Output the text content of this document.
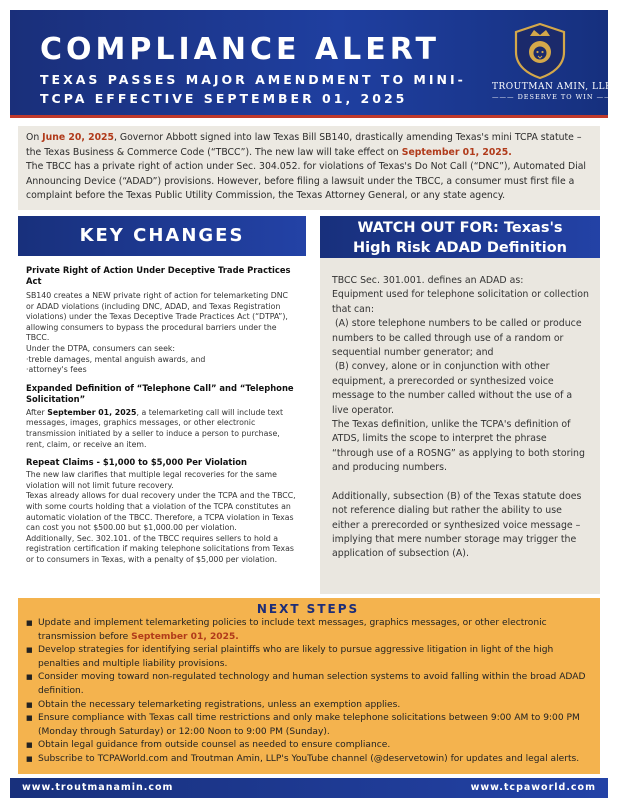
COMPLIANCE ALERT
TEXAS PASSES MAJOR AMENDMENT TO MINI-TCPA EFFECTIVE SEPTEMBER 01, 2025
TROUTMAN AMIN, LLP
——— DESERVE TO WIN ———

On June 20, 2025, Governor Abbott signed into law Texas Bill SB140, drastically amending Texas's mini TCPA statute – the Texas Business & Commerce Code (“TBCC”). The new law will take effect on September 01, 2025.

The TBCC has a private right of action under Sec. 304.052. for violations of Texas's Do Not Call (“DNC”), Automated Dial Announcing Device (“ADAD”) provisions. However, before filing a lawsuit under the TBCC, a consumer must first file a complaint before the Texas Public Utility Commission, the Texas Attorney General, or any state agency.

KEY CHANGES
Private Right of Action Under Deceptive Trade Practices Act

SB140 creates a NEW private right of action for telemarketing DNC or ADAD violations (including DNC, ADAD, and Texas Registration violations) under the Texas Deceptive Trade Practices Act (“DTPA”), allowing consumers to bypass the procedural barriers under the TBCC.

Under the DTPA, consumers can seek:

·treble damages, mental anguish awards, and

·attorney's fees

Expanded Definition of “Telephone Call” and “Telephone Solicitation”

After September 01, 2025, a telemarketing call will include text messages, images, graphics messages, or other electronic transmission initiated by a seller to induce a person to purchase, rent, claim, or receive an item.

Repeat Claims - $1,000 to $5,000 Per Violation

The new law clarifies that multiple legal recoveries for the same violation will not limit future recovery.

Texas already allows for dual recovery under the TCPA and the TBCC, with some courts holding that a violation of the TCPA constitutes an automatic violation of the TBCC. Therefore, a TCPA violation in Texas can cost you not $500.00 but $1,000.00 per violation.

Additionally, Sec. 302.101. of the TBCC requires sellers to hold a registration certification if making telephone solicitations from Texas or to consumers in Texas, with a penalty of $5,000 per violation.

WATCH OUT FOR: Texas's
High Risk ADAD Definition

TBCC Sec. 301.001. defines an ADAD as:

Equipment used for telephone solicitation or collection that can:

(A) store telephone numbers to be called or produce numbers to be called through use of a random or sequential number generator; and

(B) convey, alone or in conjunction with other equipment, a prerecorded or synthesized voice message to the number called without the use of a live operator.

The Texas definition, unlike the TCPA's definition of ATDS, limits the scope to interpret the phrase “through use of a ROSNG” as applying to both storing and producing numbers.

Additionally, subsection (B) of the Texas statute does not reference dialing but rather the ability to use either a prerecorded or synthesized voice message – implying that mere number storage may trigger the application of subsection (A).

NEXT STEPS
■ Update and implement telemarketing policies to include text messages, graphics messages, or other electronic transmission before September 01, 2025.
■ Develop strategies for identifying serial plaintiffs who are likely to pursue aggressive litigation in light of the high penalties and multiple liability provisions.
■ Consider moving toward non-regulated technology and human selection systems to avoid falling within the broad ADAD definition.
■ Obtain the necessary telemarketing registrations, unless an exemption applies.
■ Ensure compliance with Texas call time restrictions and only make telephone solicitations between 9:00 AM to 9:00 PM (Monday through Saturday) or 12:00 Noon to 9:00 PM (Sunday).
■ Obtain legal guidance from outside counsel as needed to ensure compliance.
■ Subscribe to TCPAWorld.com and Troutman Amin, LLP's YouTube channel (@deservetowin) for updates and legal alerts.
www.troutmanamin.com	www.tcpaworld.com
